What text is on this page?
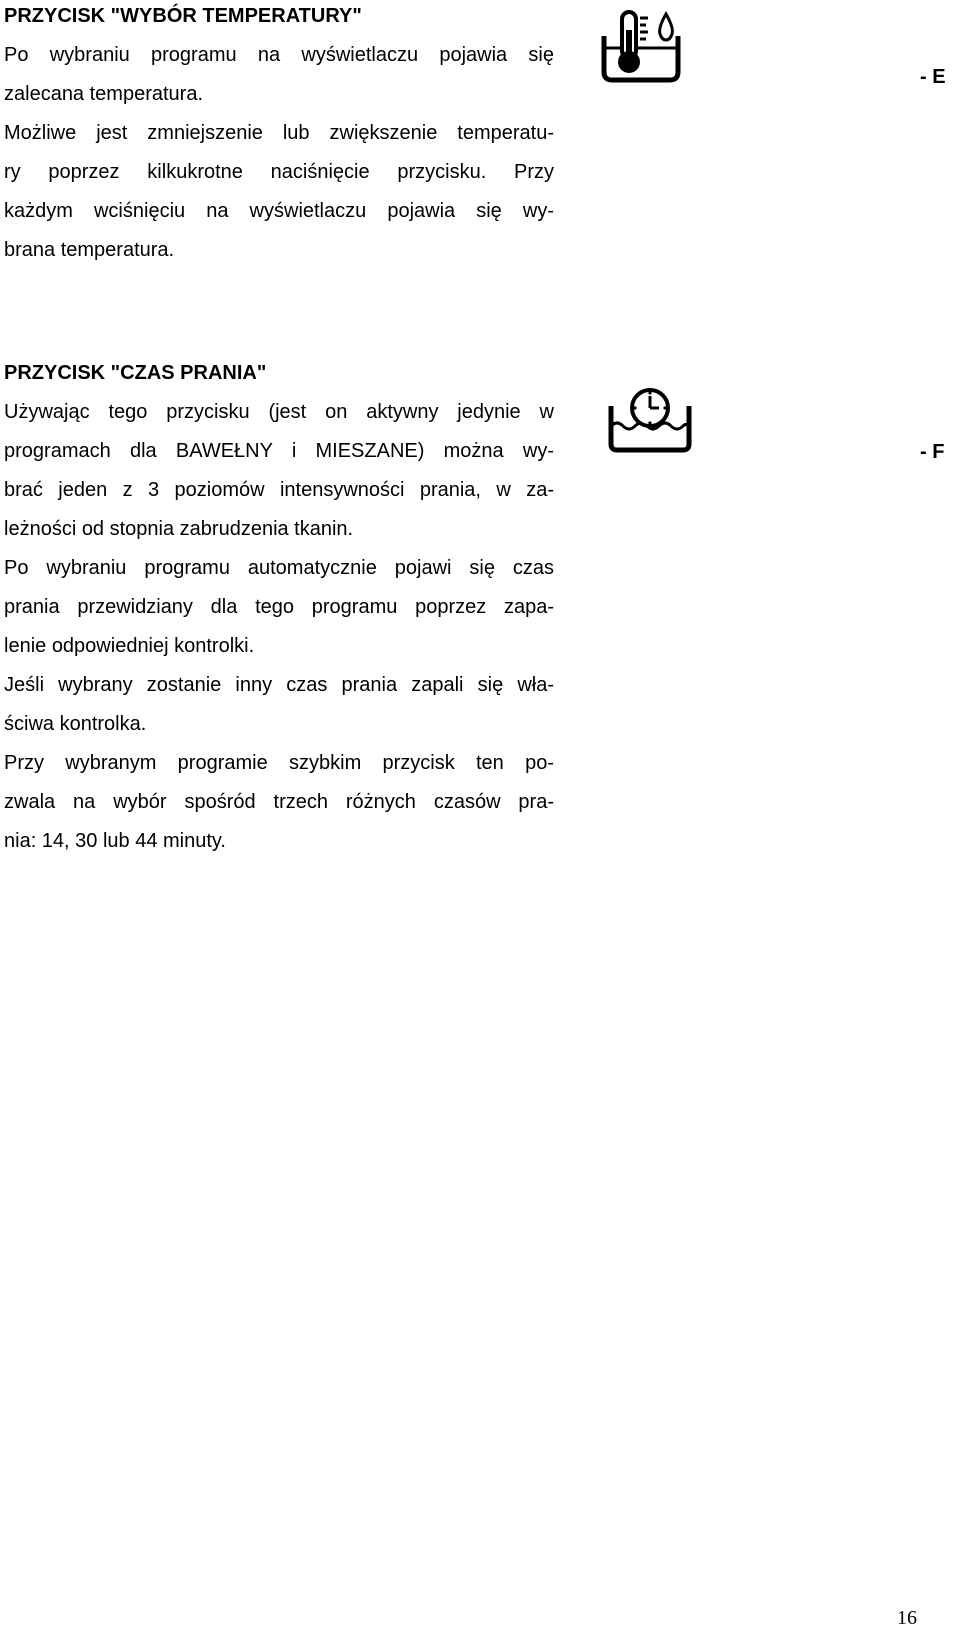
PRZYCISK "WYBÓR TEMPERATURY"
Po wybraniu programu na wyświetlaczu pojawia się
zalecana temperatura.
Możliwe jest zmniejszenie lub zwiększenie temperatu-
ry poprzez kilkukrotne naciśnięcie przycisku. Przy
każdym wciśnięciu na wyświetlaczu pojawia się wy-
brana temperatura.
- E
PRZYCISK "CZAS PRANIA"
Używając tego przycisku (jest on aktywny jedynie w
programach dla BAWEŁNY i MIESZANE) można wy-
brać jeden z 3 poziomów intensywności prania, w za-
leżności od stopnia zabrudzenia tkanin.
Po wybraniu programu automatycznie pojawi się czas
prania przewidziany dla tego programu poprzez zapa-
lenie odpowiedniej kontrolki.
Jeśli wybrany zostanie inny czas prania zapali się wła-
ściwa kontrolka.
Przy wybranym programie szybkim przycisk ten po-
zwala na wybór spośród trzech różnych czasów pra-
nia: 14, 30 lub 44 minuty.
- F
16
